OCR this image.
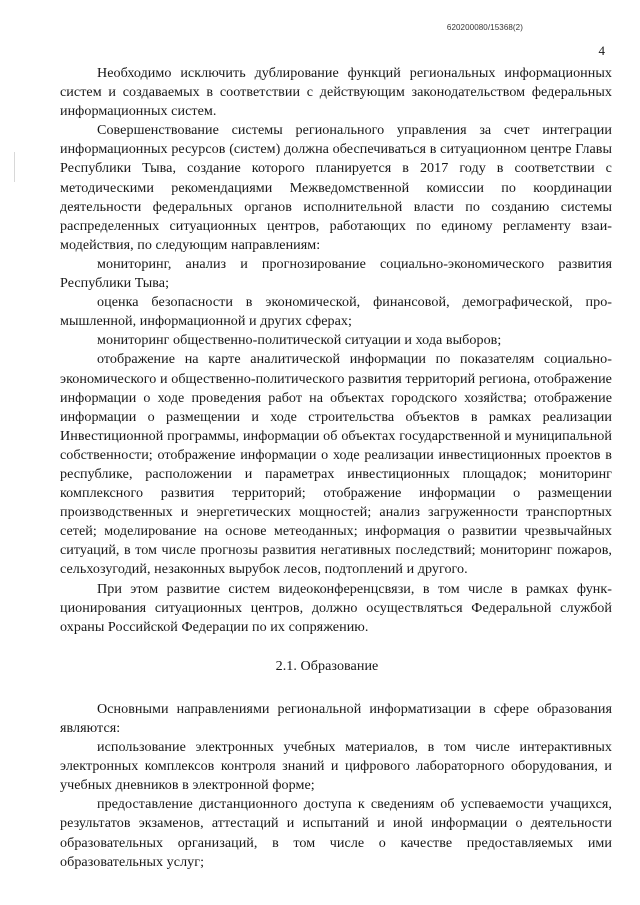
620200080/15368(2)
4

Необходимо исключить дублирование функций региональных информационных систем и создаваемых в соответствии с действующим законодательством федеральных информационных систем.

Совершенствование системы регионального управления за счет интеграции информационных ресурсов (систем) должна обеспечиваться в ситуационном центре Главы Республики Тыва, создание которого планируется в 2017 году в соответствии с методическими рекомендациями Межведомственной комиссии по координации деятельности федеральных органов исполнительной власти по созданию системы распределенных ситуационных центров, работающих по единому регламенту взаимодействия, по следующим направлениям:

мониторинг, анализ и прогнозирование социально-экономического развития Республики Тыва;

оценка безопасности в экономической, финансовой, демографической, промышленной, информационной и других сферах;

мониторинг общественно-политической ситуации и хода выборов;

отображение на карте аналитической информации по показателям социально-экономического и общественно-политического развития территорий региона, отображение информации о ходе проведения работ на объектах городского хозяйства; отображение информации о размещении и ходе строительства объектов в рамках реализации Инвестиционной программы, информации об объектах государственной и муниципальной собственности; отображение информации о ходе реализации инвестиционных проектов в республике, расположении и параметрах инвестиционных площадок; мониторинг комплексного развития территорий; отображение информации о размещении производственных и энергетических мощностей; анализ загруженности транспортных сетей; моделирование на основе метеоданных; информация о развитии чрезвычайных ситуаций, в том числе прогнозы развития негативных последствий; мониторинг пожаров, сельхозугодий, незаконных вырубок лесов, подтоплений и другого.

При этом развитие систем видеоконференцсвязи, в том числе в рамках функционирования ситуационных центров, должно осуществляться Федеральной службой охраны Российской Федерации по их сопряжению.

2.1. Образование

Основными направлениями региональной информатизации в сфере образования являются:

использование электронных учебных материалов, в том числе интерактивных электронных комплексов контроля знаний и цифрового лабораторного оборудования, и учебных дневников в электронной форме;

предоставление дистанционного доступа к сведениям об успеваемости учащихся, результатов экзаменов, аттестаций и испытаний и иной информации о деятельности образовательных организаций, в том числе о качестве предоставляемых ими образовательных услуг;
